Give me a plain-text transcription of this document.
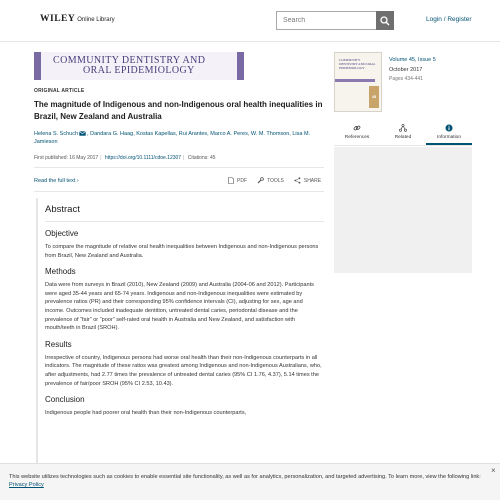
WILEY Online Library
Search	Login / Register
COMMUNITY DENTISTRY AND
ORAL EPIDEMIOLOGY
ORIGINAL ARTICLE
The magnitude of Indigenous and non-Indigenous oral health inequalities in Brazil, New Zealand and Australia
Helena S. Schuch , Dandara G. Haag, Kostas Kapellas, Rui Arantes, Marco A. Peres, W. M. Thomson, Lisa M. Jamieson
First published: 16 May 2017 | https://doi.org/10.1111/cdoe.12307 | Citations: 45
Read the full text ›	PDF	TOOLS	SHARE
Abstract
Objective
To compare the magnitude of relative oral health inequalities between Indigenous and non-Indigenous persons from Brazil, New Zealand and Australia.
Methods
Data were from surveys in Brazil (2010), New Zealand (2009) and Australia (2004-06 and 2012). Participants were aged 35-44 years and 65-74 years. Indigenous and non-Indigenous inequalities were estimated by prevalence ratios (PR) and their corresponding 95% confidence intervals (CI), adjusting for sex, age and income. Outcomes included inadequate dentition, untreated dental caries, periodontal disease and the prevalence of “fair” or “poor” self-rated oral health in Australia and New Zealand, and satisfaction with mouth/teeth in Brazil (SROH).
Results
Irrespective of country, Indigenous persons had worse oral health than their non-Indigenous counterparts in all indicators. The magnitude of these ratios was greatest among Indigenous and non-Indigenous Australians, who, after adjustments, had 2.77 times the prevalence of untreated dental caries (95% CI 1.76, 4.37), 5.14 times the prevalence of fair/poor SROH (95% CI 2.53, 10.43).
Conclusion
Indigenous people had poorer oral health than their non-Indigenous counterparts,
COMMUNITY DENTISTRY AND ORAL EPIDEMIOLOGY
45
Volume 45, Issue 5
October 2017
Pages 434-441
References	Related	Information
×
This website utilizes technologies such as cookies to enable essential site functionality, as well as for analytics, personalization, and targeted advertising. To learn more, view the following link: Privacy Policy
